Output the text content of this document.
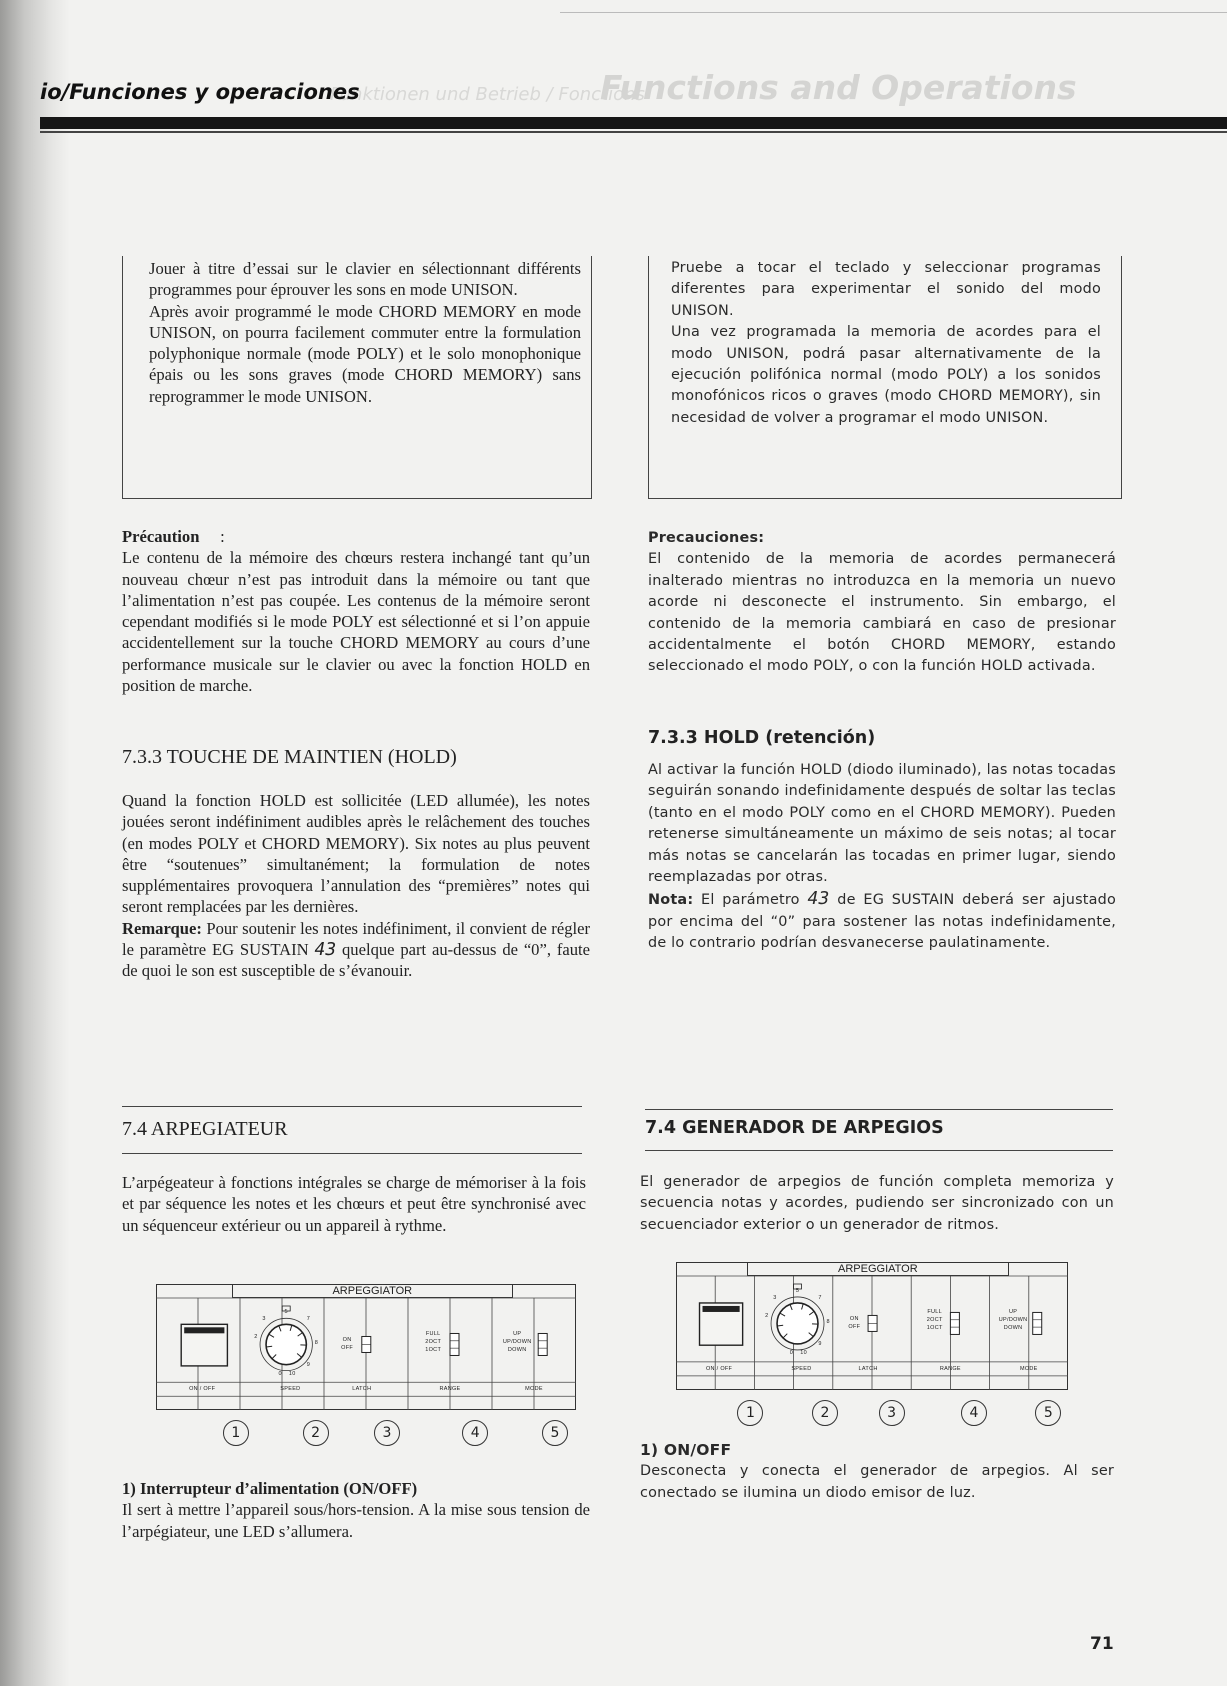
Funktionen und Betrieb / Fonctions
Functions and Operations
io/Funciones y operaciones

Jouer à titre d’essai sur le clavier en sélectionnant différents programmes pour éprouver les sons en mode UNISON.

Après avoir programmé le mode CHORD MEMORY en mode UNISON, on pourra facilement commuter entre la formulation polyphonique normale (mode POLY) et le solo monophonique épais ou les sons graves (mode CHORD MEMORY) sans reprogrammer le mode UNISON.

Précaution :

Le contenu de la mémoire des chœurs restera inchangé tant qu’un nouveau chœur n’est pas introduit dans la mémoire ou tant que l’alimentation n’est pas coupée. Les contenus de la mémoire seront cependant modifiés si le mode POLY est sélectionné et si l’on appuie accidentellement sur la touche CHORD MEMORY au cours d’une performance musicale sur le clavier ou avec la fonction HOLD en position de marche.

7.3.3 TOUCHE DE MAINTIEN (HOLD)

Quand la fonction HOLD est sollicitée (LED allumée), les notes jouées seront indéfiniment audibles après le relâchement des touches (en modes POLY et CHORD MEMORY). Six notes au plus peuvent être “soutenues” simultanément; la formulation de notes supplémentaires provoquera l’annulation des “premières” notes qui seront remplacées par les dernières.

Remarque: Pour soutenir les notes indéfiniment, il convient de régler le paramètre EG SUSTAIN 43 quelque part au-dessus de “0”, faute de quoi le son est susceptible de s’évanouir.

7.4 ARPEGIATEUR
L’arpégeateur à fonctions intégrales se charge de mémoriser à la fois et par séquence les notes et les chœurs et peut être synchronisé avec un séquenceur extérieur ou un appareil à rythme.
ARPEGGIATOR
ON / OFF	SPEED	LATCH	RANGE	MODE
ON
OFF
FULL
2OCT
1OCT
UP
UP/DOWN
DOWN
2
3
5
7
8
9
10
0
1	2	3	4	5

1) Interrupteur d’alimentation (ON/OFF)

Il sert à mettre l’appareil sous/hors-tension. A la mise sous tension de l’arpégiateur, une LED s’allumera.

Pruebe a tocar el teclado y seleccionar programas diferentes para experimentar el sonido del modo UNISON.

Una vez programada la memoria de acordes para el modo UNISON, podrá pasar alternativamente de la ejecución polifónica normal (modo POLY) a los sonidos monofónicos ricos o graves (modo CHORD MEMORY), sin necesidad de volver a programar el modo UNISON.

Precauciones:

El contenido de la memoria de acordes permanecerá inalterado mientras no introduzca en la memoria un nuevo acorde ni desconecte el instrumento. Sin embargo, el contenido de la memoria cambiará en caso de presionar accidentalmente el botón CHORD MEMORY, estando seleccionado el modo POLY, o con la función HOLD activada.

7.3.3 HOLD (retención)

Al activar la función HOLD (diodo iluminado), las notas tocadas seguirán sonando indefinidamente después de soltar las teclas (tanto en el modo POLY como en el CHORD MEMORY). Pueden retenerse simultáneamente un máximo de seis notas; al tocar más notas se cancelarán las tocadas en primer lugar, siendo reemplazadas por otras.

Nota: El parámetro 43 de EG SUSTAIN deberá ser ajustado por encima del “0” para sostener las notas indefinidamente, de lo contrario podrían desvanecerse paulatinamente.

7.4 GENERADOR DE ARPEGIOS
El generador de arpegios de función completa memoriza y secuencia notas y acordes, pudiendo ser sincronizado con un secuenciador exterior o un generador de ritmos.
ARPEGGIATOR
ON / OFF	SPEED	LATCH	RANGE	MODE
ON
OFF
FULL
2OCT
1OCT
UP
UP/DOWN
DOWN
2
3
5
7
8
9
10
0
1	2	3	4	5

1) ON/OFF

Desconecta y conecta el generador de arpegios. Al ser conectado se ilumina un diodo emisor de luz.

71
